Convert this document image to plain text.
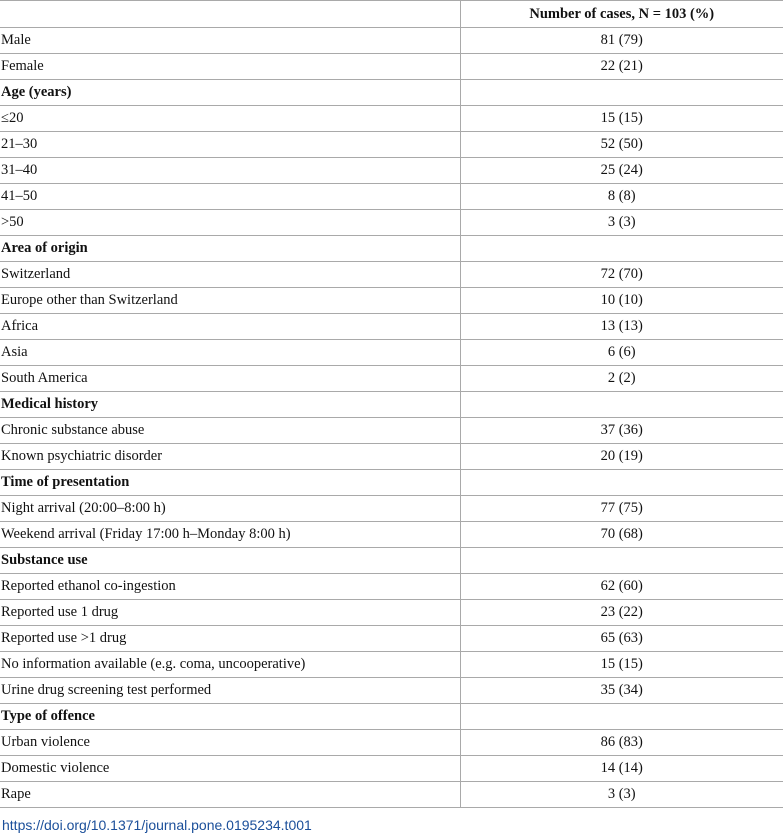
	Number of cases, N = 103 (%)
Male	81 (79)
Female	22 (21)
Age (years)	
≤20	15 (15)
21–30	52 (50)
31–40	25 (24)
41–50	8 (8)
>50	3 (3)
Area of origin	
Switzerland	72 (70)
Europe other than Switzerland	10 (10)
Africa	13 (13)
Asia	6 (6)
South America	2 (2)
Medical history	
Chronic substance abuse	37 (36)
Known psychiatric disorder	20 (19)
Time of presentation	
Night arrival (20:00–8:00 h)	77 (75)
Weekend arrival (Friday 17:00 h–Monday 8:00 h)	70 (68)
Substance use	
Reported ethanol co-ingestion	62 (60)
Reported use 1 drug	23 (22)
Reported use >1 drug	65 (63)
No information available (e.g. coma, uncooperative)	15 (15)
Urine drug screening test performed	35 (34)
Type of offence	
Urban violence	86 (83)
Domestic violence	14 (14)
Rape	3 (3)
https://doi.org/10.1371/journal.pone.0195234.t001
